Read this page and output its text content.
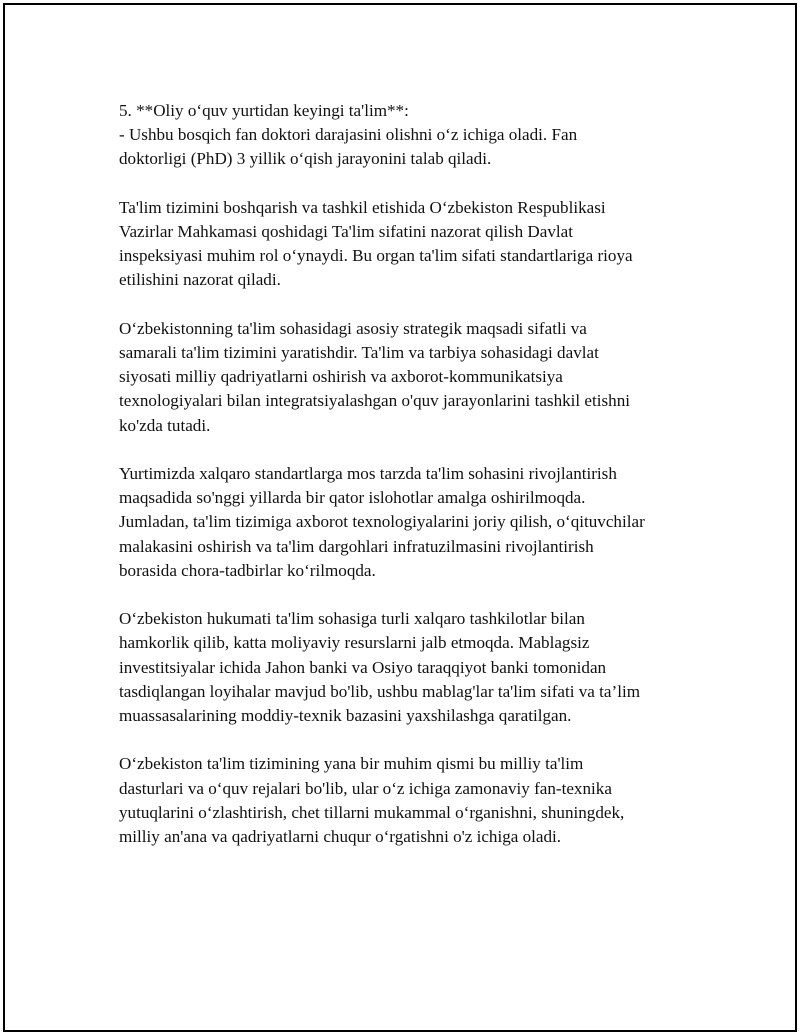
5. **Oliy o‘quv yurtidan keyingi ta'lim**:
- Ushbu bosqich fan doktori darajasini olishni o‘z ichiga oladi. Fan
doktorligi (PhD) 3 yillik o‘qish jarayonini talab qiladi.

Ta'lim tizimini boshqarish va tashkil etishida O‘zbekiston Respublikasi
Vazirlar Mahkamasi qoshidagi Ta'lim sifatini nazorat qilish Davlat
inspeksiyasi muhim rol o‘ynaydi. Bu organ ta'lim sifati standartlariga rioya
etilishini nazorat qiladi.

O‘zbekistonning ta'lim sohasidagi asosiy strategik maqsadi sifatli va
samarali ta'lim tizimini yaratishdir. Ta'lim va tarbiya sohasidagi davlat
siyosati milliy qadriyatlarni oshirish va axborot-kommunikatsiya
texnologiyalari bilan integratsiyalashgan o'quv jarayonlarini tashkil etishni
ko'zda tutadi.

Yurtimizda xalqaro standartlarga mos tarzda ta'lim sohasini rivojlantirish
maqsadida so'nggi yillarda bir qator islohotlar amalga oshirilmoqda.
Jumladan, ta'lim tizimiga axborot texnologiyalarini joriy qilish, o‘qituvchilar
malakasini oshirish va ta'lim dargohlari infratuzilmasini rivojlantirish
borasida chora-tadbirlar ko‘rilmoqda.

O‘zbekiston hukumati ta'lim sohasiga turli xalqaro tashkilotlar bilan
hamkorlik qilib, katta moliyaviy resurslarni jalb etmoqda. Mablagsiz
investitsiyalar ichida Jahon banki va Osiyo taraqqiyot banki tomonidan
tasdiqlangan loyihalar mavjud bo'lib, ushbu mablag'lar ta'lim sifati va ta’lim
muassasalarining moddiy-texnik bazasini yaxshilashga qaratilgan.

O‘zbekiston ta'lim tizimining yana bir muhim qismi bu milliy ta'lim
dasturlari va o‘quv rejalari bo'lib, ular o‘z ichiga zamonaviy fan-texnika
yutuqlarini o‘zlashtirish, chet tillarni mukammal o‘rganishni, shuningdek,
milliy an'ana va qadriyatlarni chuqur o‘rgatishni o'z ichiga oladi.
